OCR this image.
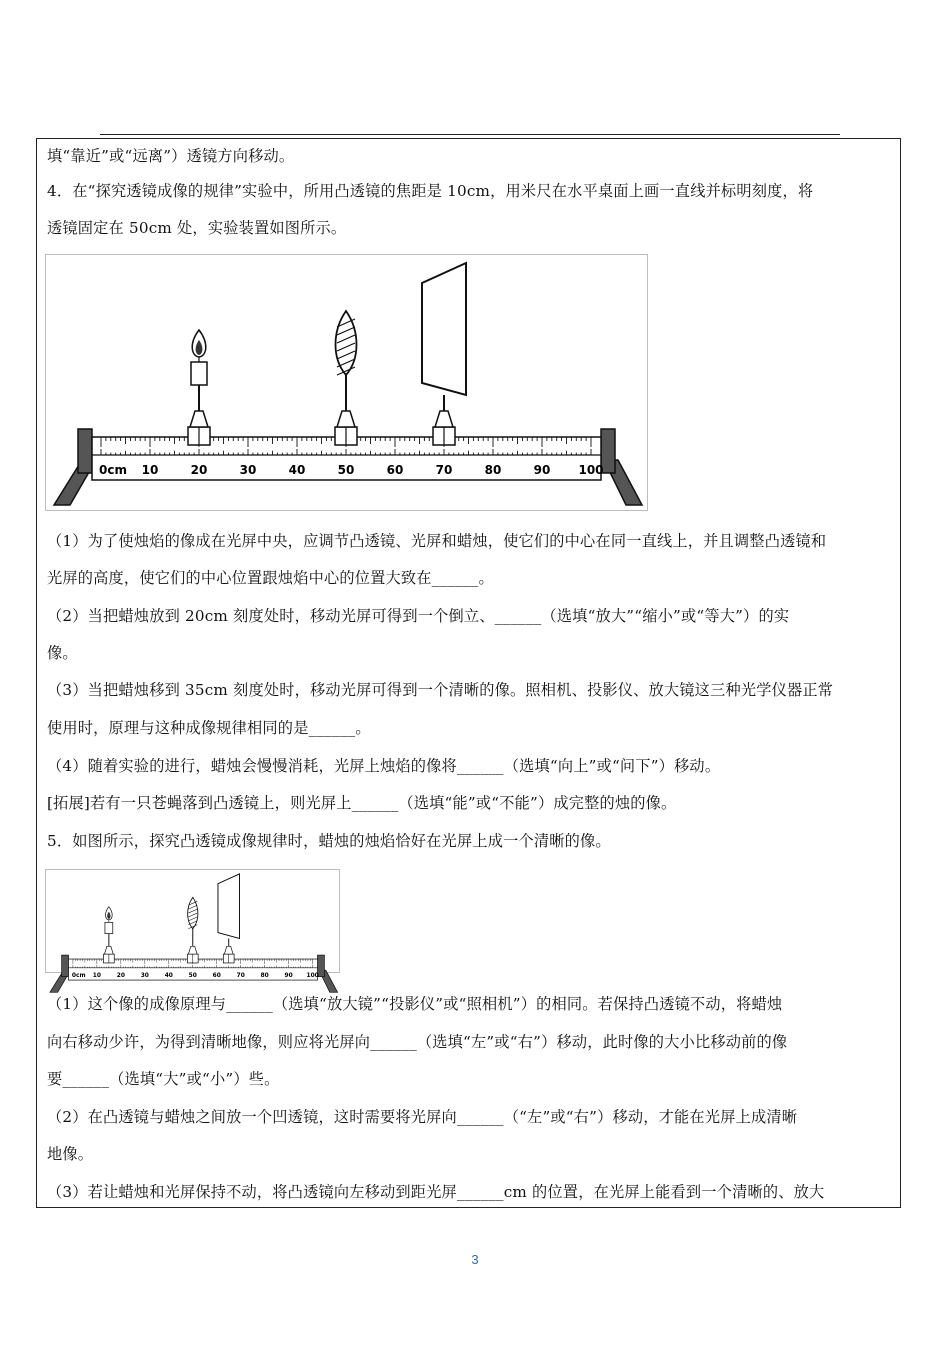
填“靠近”或“远离”）透镜方向移动。
4．在“探究透镜成像的规律”实验中，所用凸透镜的焦距是 10cm，用米尺在水平桌面上画一直线并标明刻度，将
透镜固定在 50cm 处，实验装置如图所示。
0cm 10	20	30	40	50	60	70	80	90 100
（1）为了使烛焰的像成在光屏中央，应调节凸透镜、光屏和蜡烛，使它们的中心在同一直线上，并且调整凸透镜和
光屏的高度，使它们的中心位置跟烛焰中心的位置大致在______。
（2）当把蜡烛放到 20cm 刻度处时，移动光屏可得到一个倒立、______（选填“放大”“缩小”或“等大”）的实
像。
（3）当把蜡烛移到 35cm 刻度处时，移动光屏可得到一个清晰的像。照相机、投影仪、放大镜这三种光学仪器正常
使用时，原理与这种成像规律相同的是______。
（4）随着实验的进行，蜡烛会慢慢消耗，光屏上烛焰的像将______（选填“向上”或“问下”）移动。
[拓展]若有一只苍蝇落到凸透镜上，则光屏上______（选填“能”或“不能”）成完整的烛的像。
5．如图所示，探究凸透镜成像规律时，蜡烛的烛焰恰好在光屏上成一个清晰的像。
0cm 10 20 30 40 50 60 70 80 90 100
（1）这个像的成像原理与______（选填“放大镜”“投影仪”或“照相机”）的相同。若保持凸透镜不动，将蜡烛
向右移动少许，为得到清晰地像，则应将光屏向______（选填“左”或“右”）移动，此时像的大小比移动前的像
要______（选填“大”或“小”）些。
（2）在凸透镜与蜡烛之间放一个凹透镜，这时需要将光屏向______（“左”或“右”）移动，才能在光屏上成清晰
地像。
（3）若让蜡烛和光屏保持不动，将凸透镜向左移动到距光屏______cm 的位置，在光屏上能看到一个清晰的、放大
3
